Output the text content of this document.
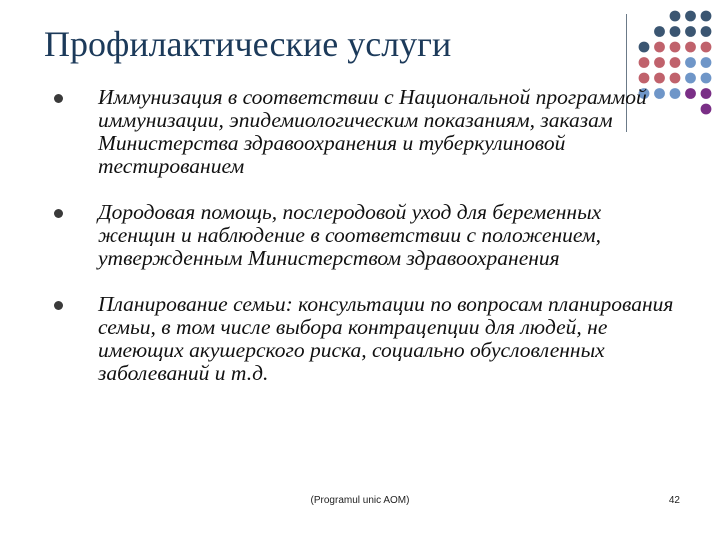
Профилактические услуги
Иммунизация в соответствии с Национальной программой иммунизации, эпидемиологическим показаниям, заказам Министерства здравоохранения и туберкулиновой тестированием
Дородовая помощь, послеродовой уход для беременных женщин и наблюдение в соответствии с положением, утвержденным Министерством здравоохранения
Планирование семьи: консультации по вопросам планирования семьи, в том числе выбора контрацепции для людей, не имеющих акушерского риска, социально обусловленных заболеваний и т.д.
(Programul unic AOM)	42
